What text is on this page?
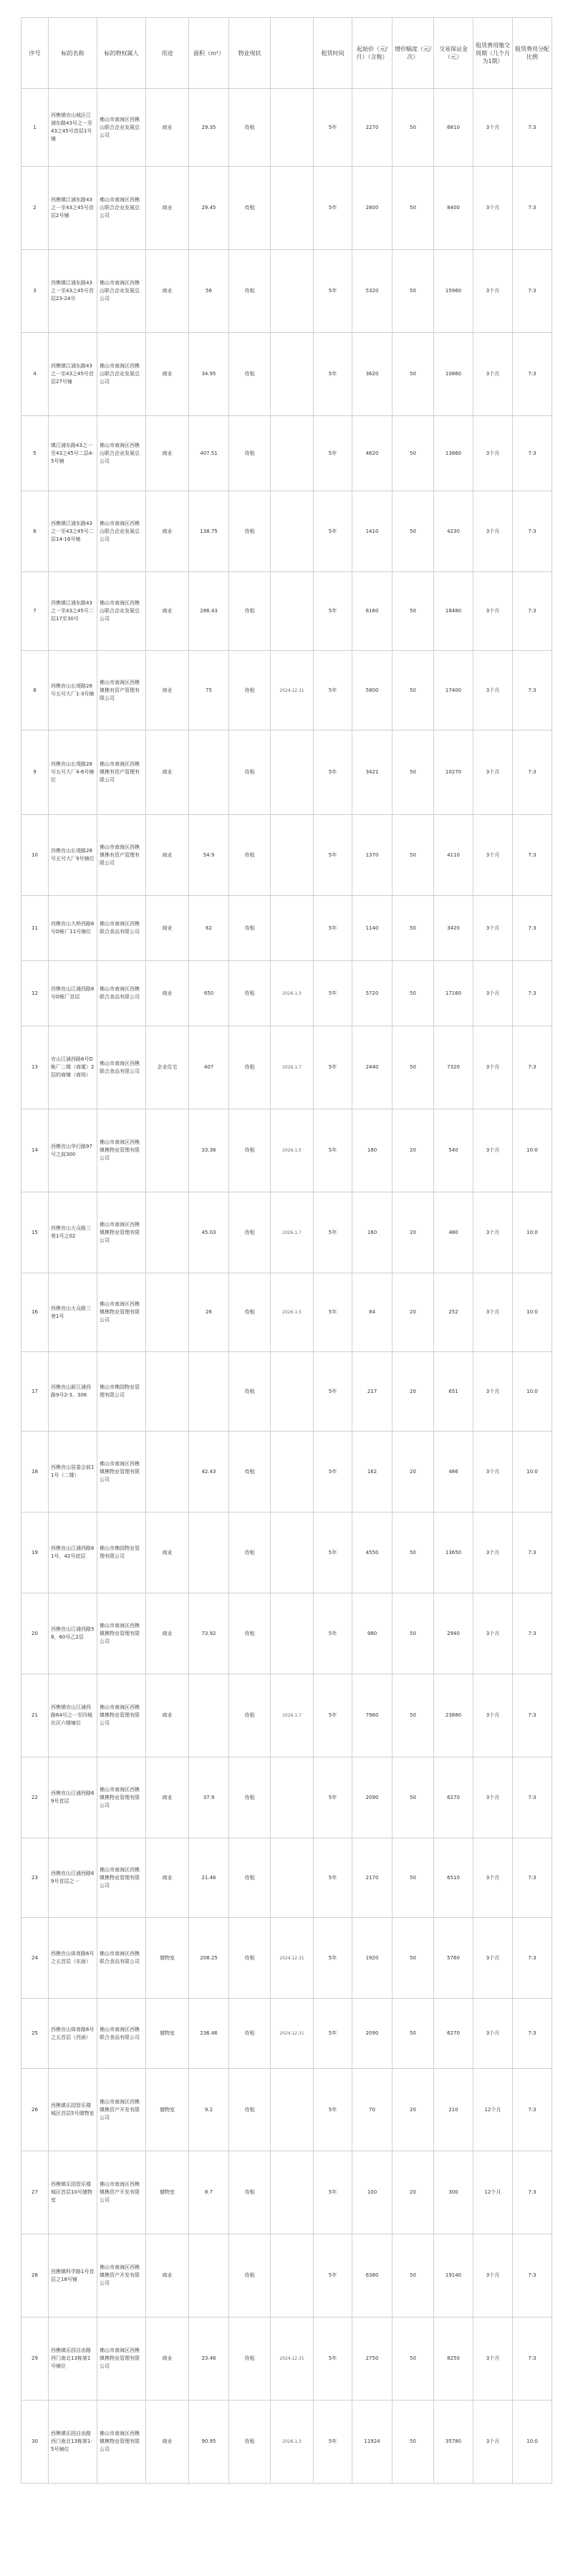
序号	标的名称	标的物权属人	用途	面积（m²）	物业现状		租赁时间	起始价（元/月）（含税）	增价幅度（元/次）	交易保证金（元）	租赁费用缴交周期（几个月为1期）	租赁费用分配比例
1	西樵镇官山城区江浦东路43号之一至43之45号首层1号铺	佛山市南海区西樵山联合企业发展总公司	商业	29.35	待租		5年	2270	50	6810	3个月	7:3
2	西樵镇江浦东路43之一至43之45号首层2号铺	佛山市南海区西樵山联合企业发展总公司	商业	29.45	待租		5年	2800	50	8400	3个月	7:3
3	西樵镇江浦东路43之一至43之45号首层23-24号	佛山市南海区西樵山联合企业发展总公司	商业	56	待租		5年	5320	50	15960	3个月	7:3
4	西樵镇江浦东路43之一至43之45号首层27号铺	佛山市南海区西樵山联合企业发展总公司	商业	34.95	待租		5年	3620	50	10860	3个月	7:3
5	镇江浦东路43之一至43之45号二层4-5号铺	佛山市南海区西樵山联合企业发展总公司	商业	407.51	待租		5年	4620	50	13860	3个月	7:3
6	西樵镇江浦东路43之一至43之45号二层14-16号铺	佛山市南海区西樵山联合企业发展总公司	商业	138.75	待租		5年	1410	50	4230	3个月	7:3
7	西樵镇江浦东路43之一至43之45号二层17至30号	佛山市南海区西樵山联合企业发展总公司	商业	286.43	待租		5年	6160	50	18480	3个月	7:3
8	西樵官山长堤路28号五号大厂1-3号铺	佛山市南海区西樵镇樵有资产管理有限公司	商业	75	待租	2024.12.31	5年	5800	50	17400	3个月	7:3
9	西樵官山长堤路28号五号大厂4-6号铺位	佛山市南海区西樵镇樵有资产管理有限公司	商业		待租		5年	3421	50	10270	3个月	7:3
10	西樵官山长堤路28号五号大厂9号铺位	佛山市南海区西樵镇樵有资产管理有限公司	商业	54.9	待租		5年	1370	50	4110	3个月	7:3
11	西樵官山大桥西路6号D栋厂11号铺位	佛山市南海区西樵联合食品有限公司	商业	62	待租		5年	1140	50	3420	3个月	7:3
12	西樵官山江浦西路6号D栋厂首层	佛山市南海区西樵联合食品有限公司	商业	650	待租	2026.1.3	5年	5720	50	17160	3个月	7:3
13	官山江浦西路6号D栋厂二楼（商厦）2层的商铺（商场）	佛山市南海区西樵联合食品有限公司	企业住宅	407	待租	2026.1.7	5年	2440	50	7320	3个月	7:3
14	西樵官山华行路97号之前300	佛山市南海区西樵镇樵物业管理有限公司		33.36	待租	2026.1.5	5年	180	20	540	3个月	10:0
15	西樵官山大众路三巷1号之02	佛山市南海区西樵镇樵物业管理有限公司		45.03	待租	2026.1.7	5年	160	20	480	3个月	10:0
16	西樵官山大众路三巷1号	佛山市南海区西樵镇樵物业管理有限公司		26	待租	2026.1.5	5年	84	20	252	3个月	10:0
17	西樵官山新江浦西路9号2-3、306	佛山市樵园物业管理有限公司			待租		5年	217	20	651	3个月	10:0
18	西樵官山居委会前11号（二楼）	佛山市南海区西樵镇樵物业管理有限公司		42.43	待租		5年	162	20	486	3个月	10:0
19	西樵官山江浦西路61号，42号底层	佛山市樵园物业管理有限公司	商业		待租		5年	4550	50	13650	3个月	7:3
20	西樵官山江浦西路58，60号乙2层	佛山市南海区西樵镇樵物业管理有限公司	商业	73.92	待租		5年	980	50	2940	3个月	7:3
21	西樵镇官山江浦西路64号之一至四城社区六楼铺位	佛山市南海区西樵镇樵物业管理有限公司	商业		待租	2026.1.7	5年	7960	50	23880	3个月	7:3
22	西樵官山江浦西路69号首层	佛山市南海区西樵镇樵物业管理有限公司	商业	37.9	待租		5年	2090	50	6270	3个月	7:3
23	西樵官山江浦西路69号首层之一	佛山市南海区西樵镇樵物业管理有限公司	商业	21.46	待租		5年	2170	50	6510	3个月	7:3
24	西樵官山体育路6号之五首层（东面）	佛山市南海区西樵联合食品有限公司	储物室	208.25	待租	2024.12.31	5年	1920	50	5760	3个月	7:3
25	西樵官山体育路6号之五首层（西面）	佛山市南海区西樵联合食品有限公司	储物室	236.46	待租	2024.12.31	5年	2090	50	6270	3个月	7:3
26	西樵镇乐园智乐楼城区首层5号储物室	佛山市南海区西樵镇樵资产开发有限公司	储物室	9.2	待租		5年	70	20	210	12个月	7:3
27	西樵镇乐园智乐楼城区首层10号储物室	佛山市南海区西樵镇樵资产开发有限公司	储物室	8.7	待租		5年	100	20	300	12个月	7:3
28	西樵镇科学路1号首层之18号铺	佛山市南海区西樵镇樵资产开发有限公司	商业		待租		5年	6380	50	19140	3个月	7:3
29	西樵镇乐园自由路西门南北13栋第1号铺位	佛山市南海区西樵镇樵物业管理有限公司	商业	23.46	待租	2024.12.31	5年	2750	50	8250	3个月	7:3
30	西樵镇乐园自由路西门南北13栋第1-5号铺位	佛山市南海区西樵镇樵物业管理有限公司	商业	90.95	待租	2026.1.3	5年	11924	50	35780	3个月	10:0
